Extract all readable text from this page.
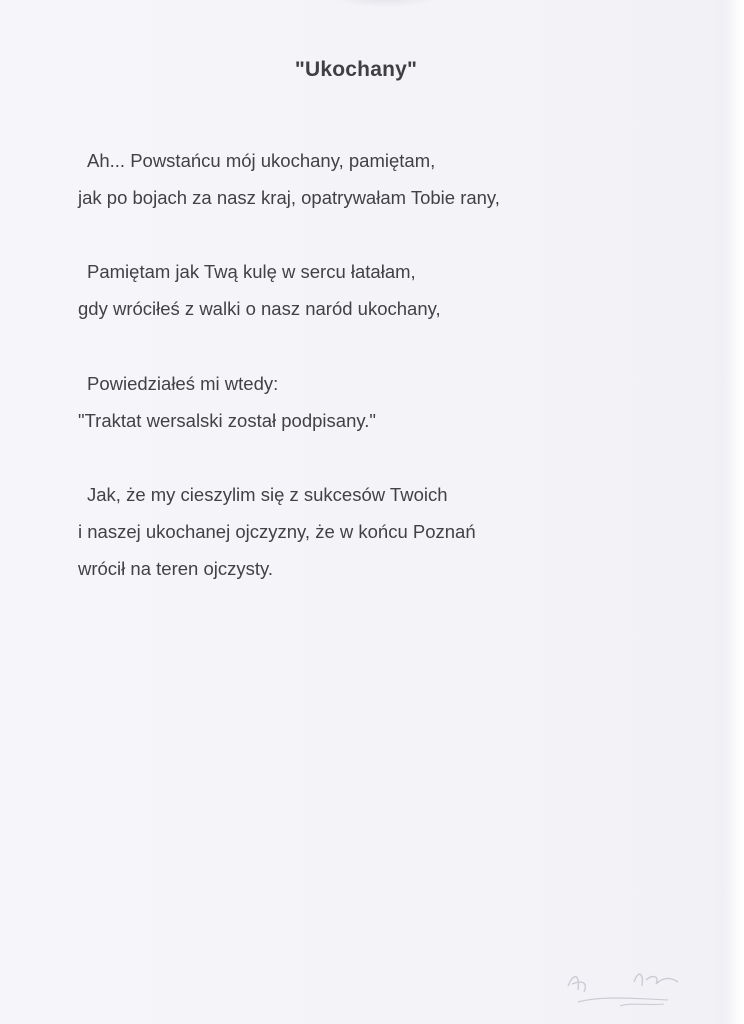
"Ukochany"
Ah... Powstańcu mój ukochany, pamiętam,
jak po bojach za nasz kraj, opatrywałam Tobie rany,
Pamiętam jak Twą kulę w sercu łatałam,
gdy wróciłeś z walki o nasz naród ukochany,
Powiedziałeś mi wtedy:
"Traktat wersalski został podpisany."
Jak, że my cieszylim się z sukcesów Twoich
i naszej ukochanej ojczyzny, że w końcu Poznań
wrócił na teren ojczysty.
